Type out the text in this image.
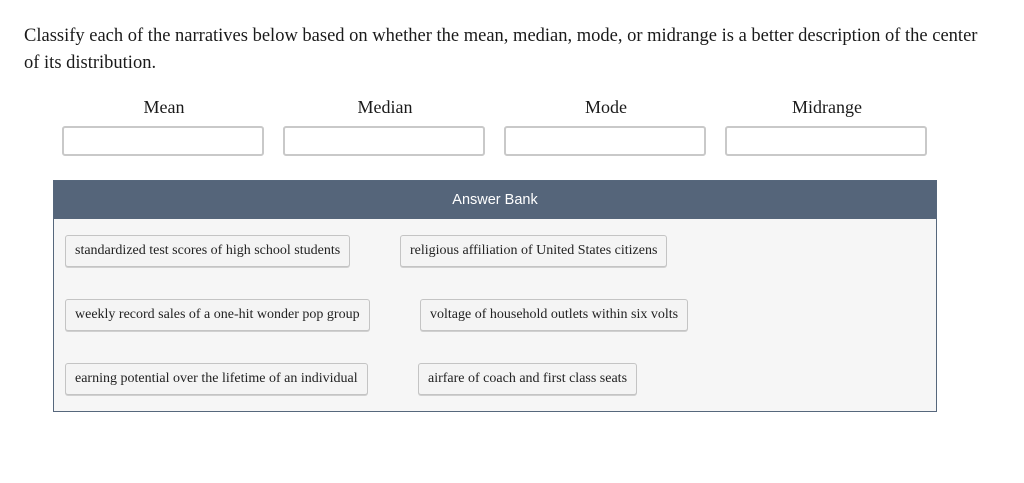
Classify each of the narratives below based on whether the mean, median, mode, or midrange is a better description of the center of its distribution.
Mean	Median	Mode	Midrange
Answer Bank
standardized test scores of high school students	religious affiliation of United States citizens
weekly record sales of a one-hit wonder pop group	voltage of household outlets within six volts
earning potential over the lifetime of an individual	airfare of coach and first class seats
